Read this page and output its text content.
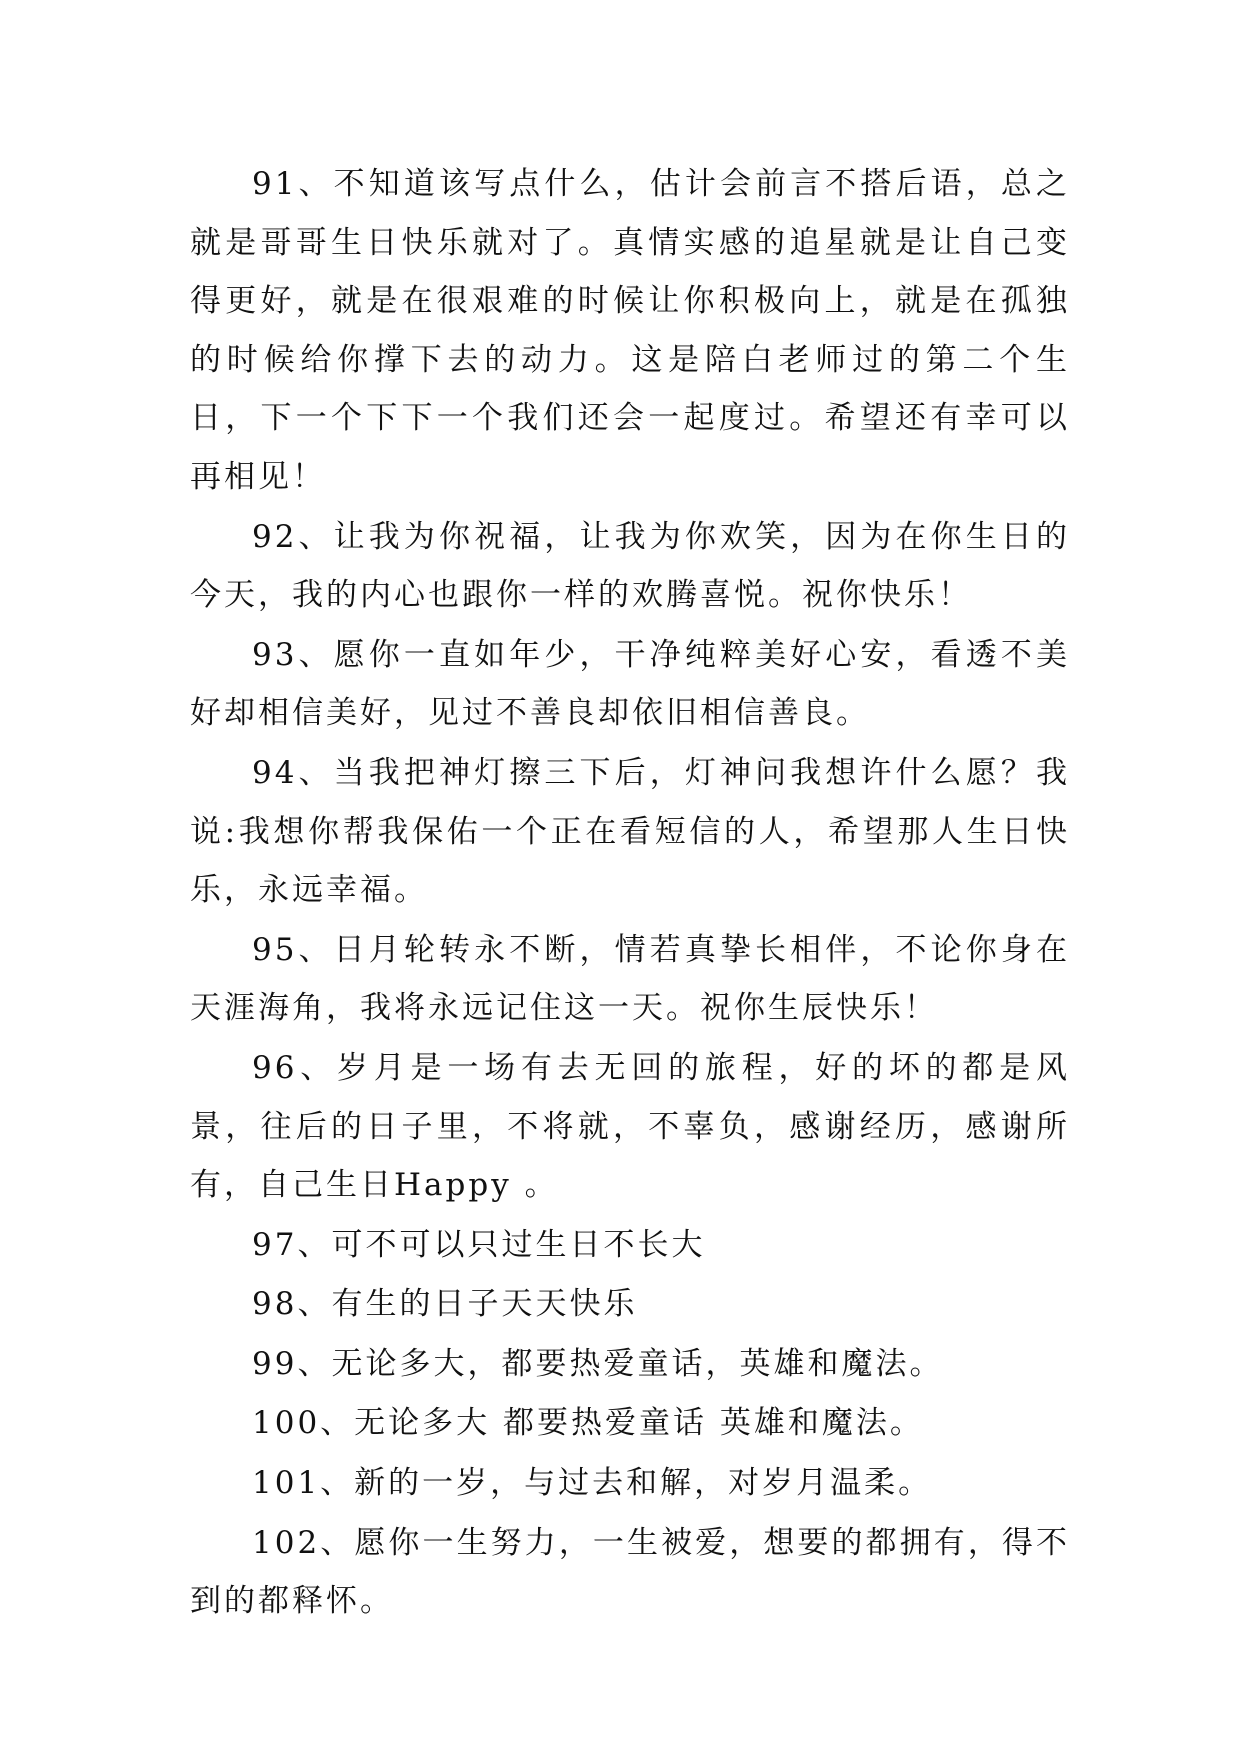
91、不知道该写点什么，估计会前言不搭后语，总之就是哥哥生日快乐就对了。真情实感的追星就是让自己变得更好，就是在很艰难的时候让你积极向上，就是在孤独的时候给你撑下去的动力。这是陪白老师过的第二个生日，下一个下下一个我们还会一起度过。希望还有幸可以再相见！

92、让我为你祝福，让我为你欢笑，因为在你生日的今天，我的内心也跟你一样的欢腾喜悦。祝你快乐！

93、愿你一直如年少，干净纯粹美好心安，看透不美好却相信美好，见过不善良却依旧相信善良。

94、当我把神灯擦三下后，灯神问我想许什么愿？我说:我想你帮我保佑一个正在看短信的人，希望那人生日快乐，永远幸福。

95、日月轮转永不断，情若真挚长相伴，不论你身在天涯海角，我将永远记住这一天。祝你生辰快乐！

96、岁月是一场有去无回的旅程，好的坏的都是风景，往后的日子里，不将就，不辜负，感谢经历，感谢所有，自己生日Happy 。

97、可不可以只过生日不长大

98、有生的日子天天快乐

99、无论多大，都要热爱童话，英雄和魔法。

100、无论多大 都要热爱童话 英雄和魔法。

101、新的一岁，与过去和解，对岁月温柔。

102、愿你一生努力，一生被爱，想要的都拥有，得不到的都释怀。
